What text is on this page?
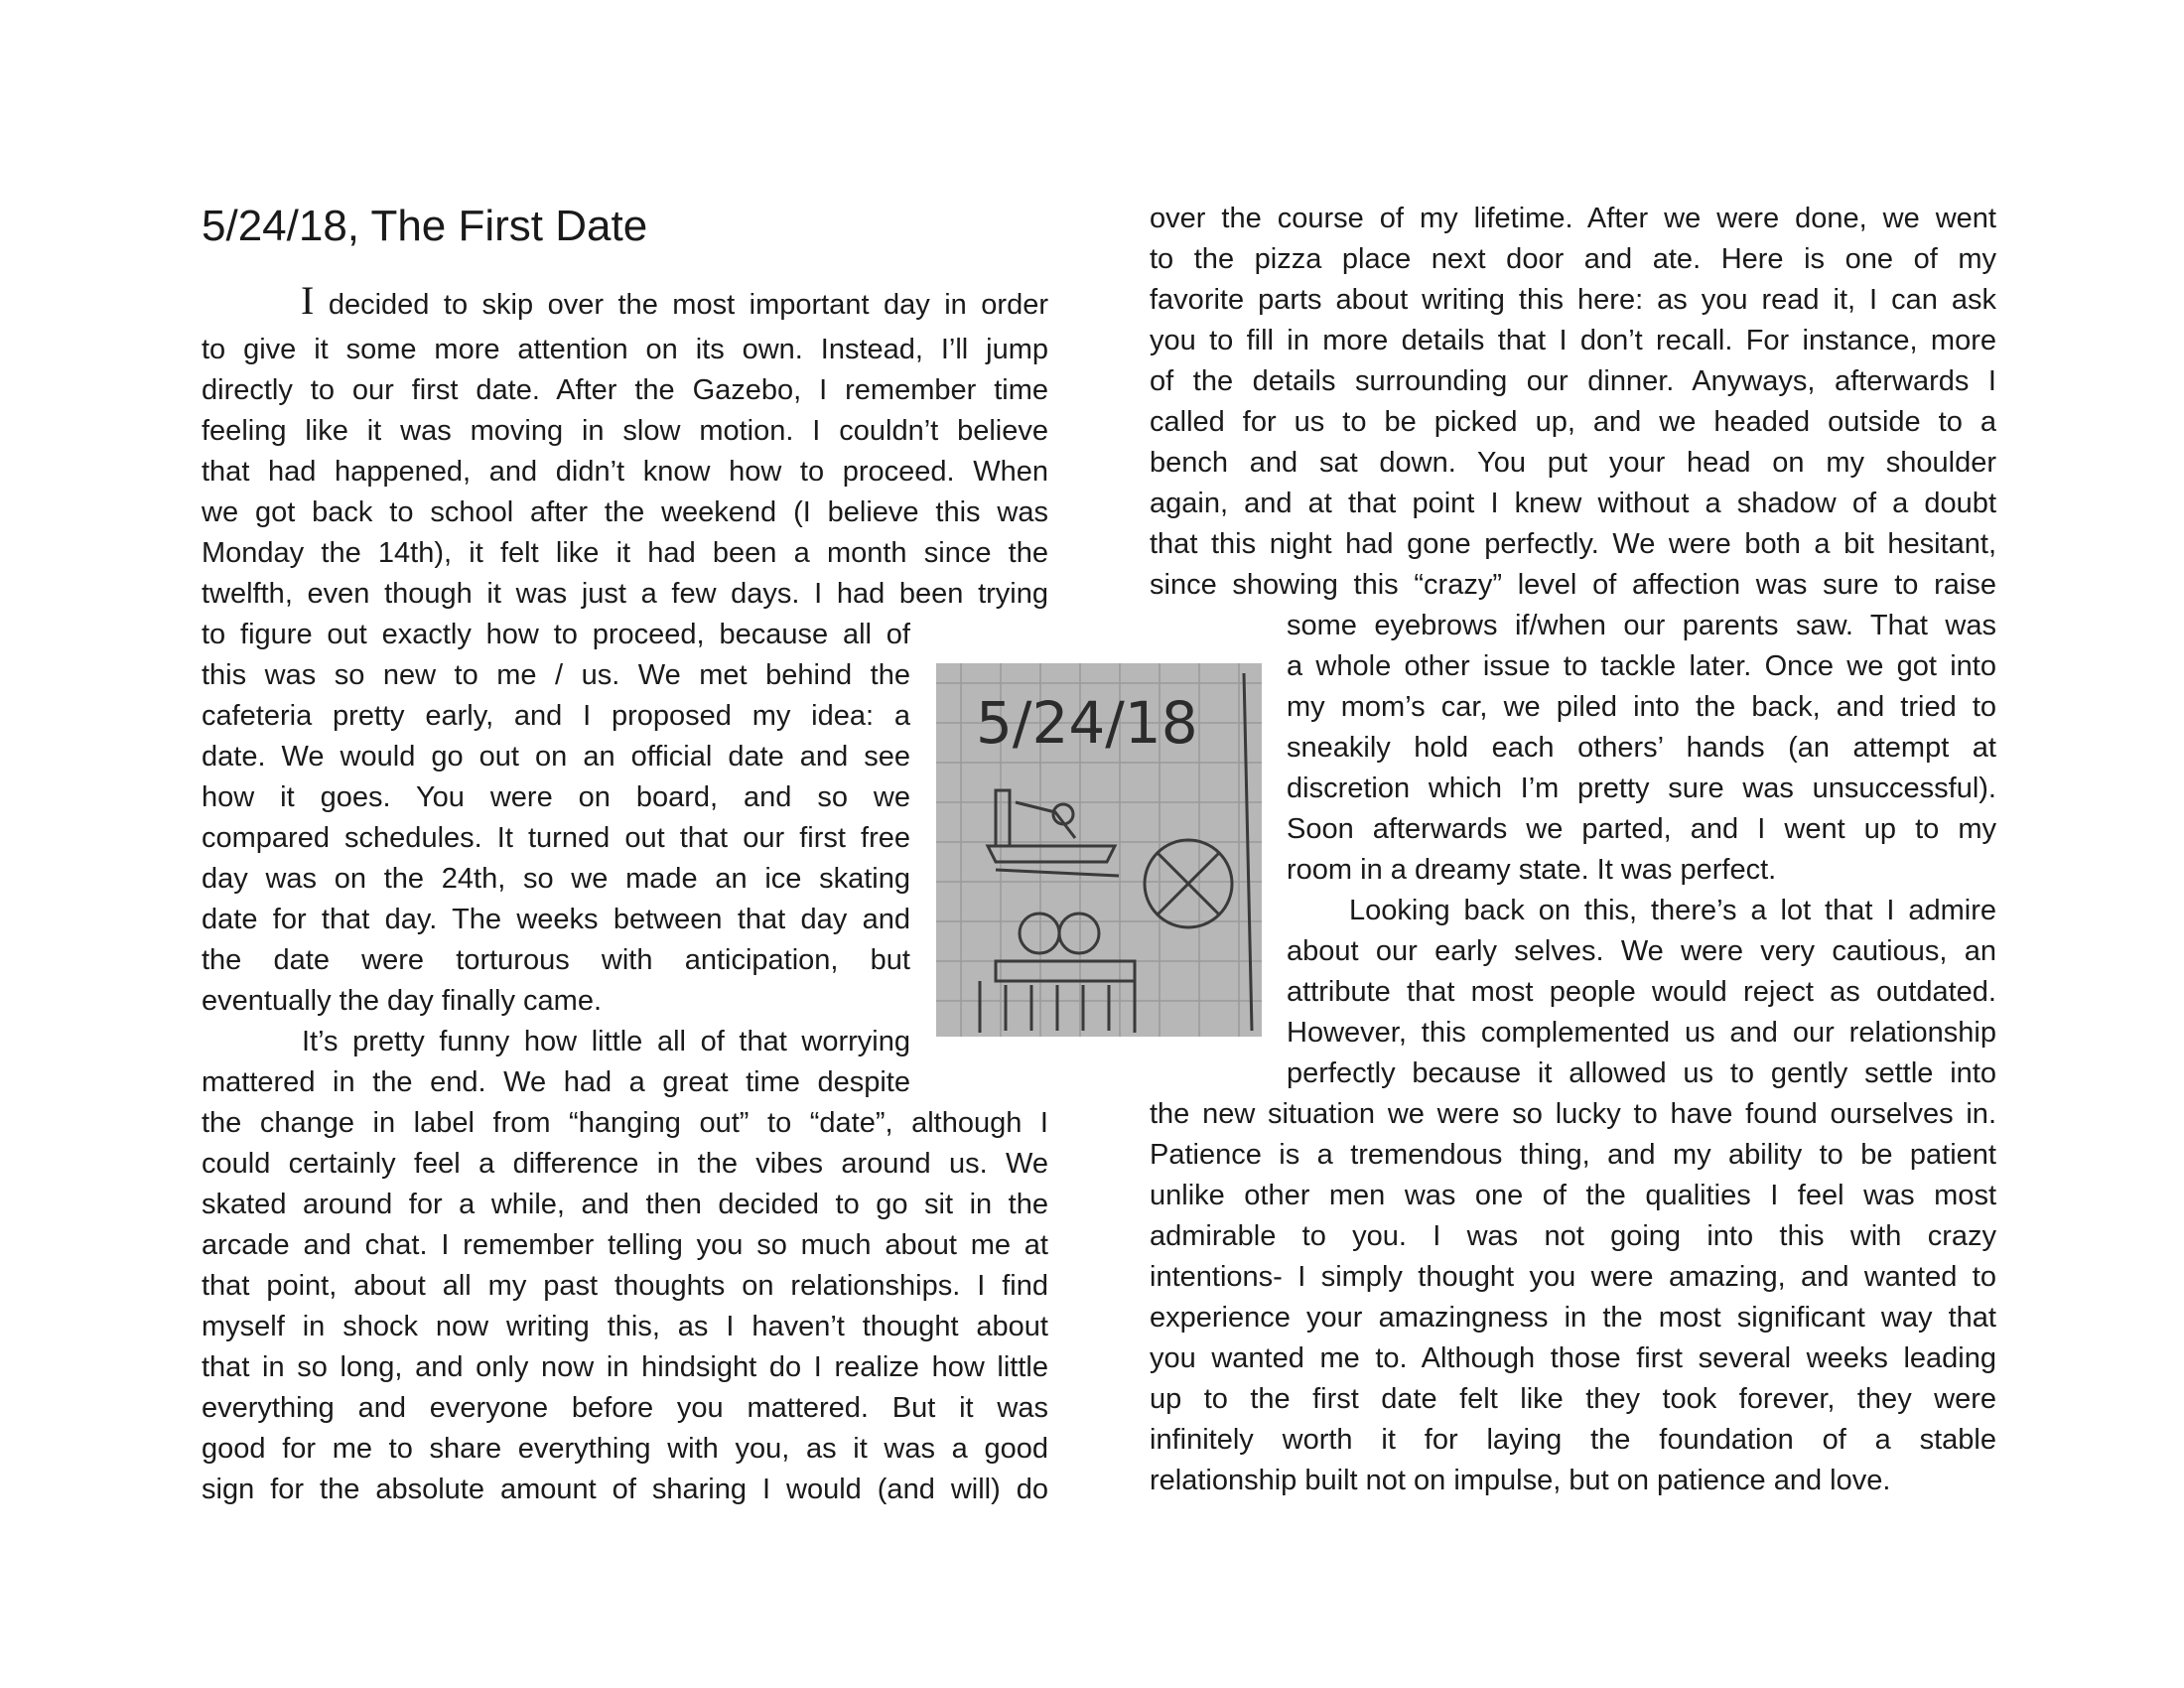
5/24/18, The First Date
I decided to skip over the most important day in order
to give it some more attention on its own. Instead, I’ll jump
directly to our first date. After the Gazebo, I remember time
feeling like it was moving in slow motion. I couldn’t believe
that had happened, and didn’t know how to proceed. When
we got back to school after the weekend (I believe this was
Monday the 14th), it felt like it had been a month since the
twelfth, even though it was just a few days. I had been trying
to figure out exactly how to proceed, because all of
this was so new to me / us. We met behind the
cafeteria pretty early, and I proposed my idea: a
date. We would go out on an official date and see
how it goes. You were on board, and so we
compared schedules. It turned out that our first free
day was on the 24th, so we made an ice skating
date for that day. The weeks between that day and
the date were torturous with anticipation, but
eventually the day finally came.
It’s pretty funny how little all of that worrying
mattered in the end. We had a great time despite
the change in label from “hanging out” to “date”, although I
could certainly feel a difference in the vibes around us. We
skated around for a while, and then decided to go sit in the
arcade and chat. I remember telling you so much about me at
that point, about all my past thoughts on relationships. I find
myself in shock now writing this, as I haven’t thought about
that in so long, and only now in hindsight do I realize how little
everything and everyone before you mattered. But it was
good for me to share everything with you, as it was a good
sign for the absolute amount of sharing I would (and will) do
5/24/18
over the course of my lifetime. After we were done, we went
to the pizza place next door and ate. Here is one of my
favorite parts about writing this here: as you read it, I can ask
you to fill in more details that I don’t recall. For instance, more
of the details surrounding our dinner. Anyways, afterwards I
called for us to be picked up, and we headed outside to a
bench and sat down. You put your head on my shoulder
again, and at that point I knew without a shadow of a doubt
that this night had gone perfectly. We were both a bit hesitant,
since showing this “crazy” level of affection was sure to raise
some eyebrows if/when our parents saw. That was
a whole other issue to tackle later. Once we got into
my mom’s car, we piled into the back, and tried to
sneakily hold each others’ hands (an attempt at
discretion which I’m pretty sure was unsuccessful).
Soon afterwards we parted, and I went up to my
room in a dreamy state. It was perfect.
Looking back on this, there’s a lot that I admire
about our early selves. We were very cautious, an
attribute that most people would reject as outdated.
However, this complemented us and our relationship
perfectly because it allowed us to gently settle into
the new situation we were so lucky to have found ourselves in.
Patience is a tremendous thing, and my ability to be patient
unlike other men was one of the qualities I feel was most
admirable to you. I was not going into this with crazy
intentions- I simply thought you were amazing, and wanted to
experience your amazingness in the most significant way that
you wanted me to. Although those first several weeks leading
up to the first date felt like they took forever, they were
infinitely worth it for laying the foundation of a stable
relationship built not on impulse, but on patience and love.
